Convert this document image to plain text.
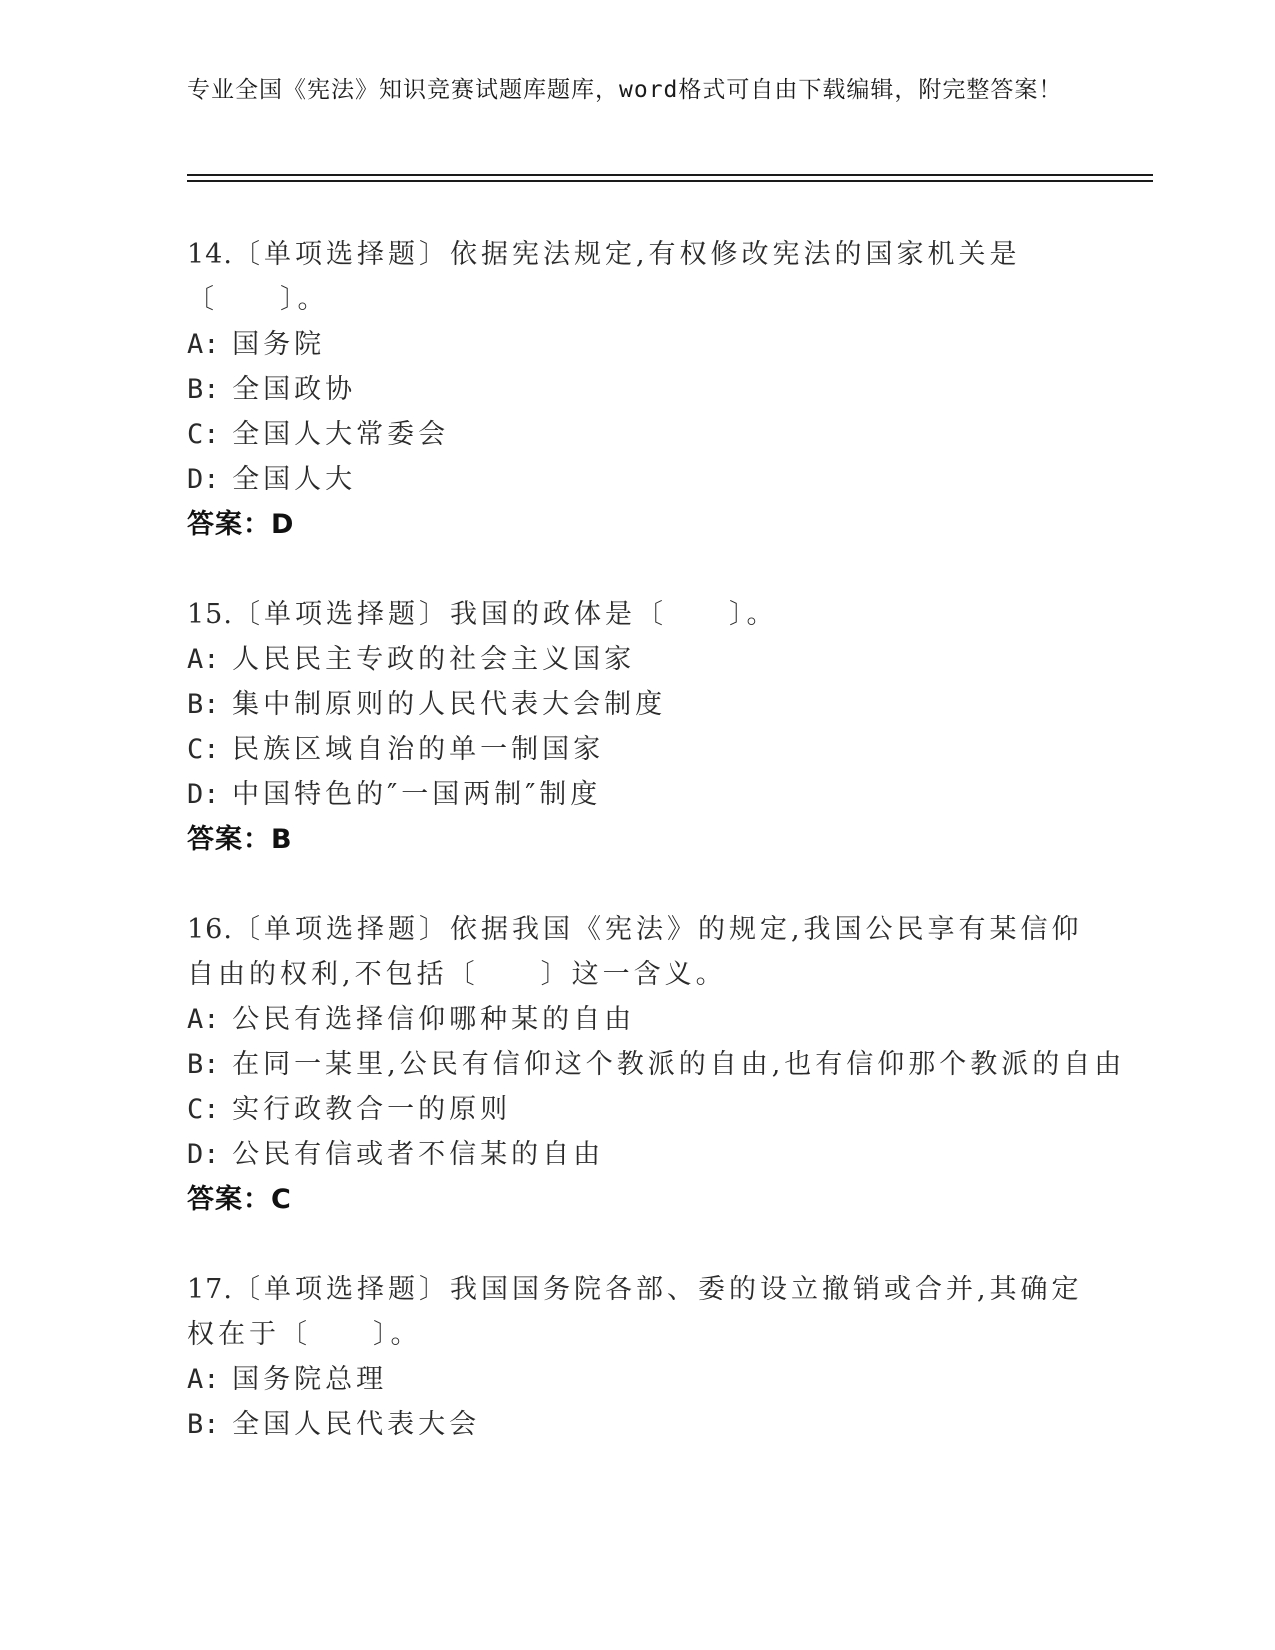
专业全国《宪法》知识竞赛试题库题库，word格式可自由下载编辑，附完整答案！
14.〔单项选择题〕依据宪法规定,有权修改宪法的国家机关是〔　　〕。
A: 国务院
B: 全国政协
C: 全国人大常委会
D: 全国人大
答案：D
15.〔单项选择题〕我国的政体是〔　　〕。
A: 人民民主专政的社会主义国家
B: 集中制原则的人民代表大会制度
C: 民族区域自治的单一制国家
D: 中国特色的″一国两制″制度
答案：B
16.〔单项选择题〕依据我国《宪法》的规定,我国公民享有某信仰自由的权利,不包括〔　　〕这一含义。
A: 公民有选择信仰哪种某的自由
B: 在同一某里,公民有信仰这个教派的自由,也有信仰那个教派的自由
C: 实行政教合一的原则
D: 公民有信或者不信某的自由
答案：C
17.〔单项选择题〕我国国务院各部、委的设立撤销或合并,其确定权在于〔　　〕。
A: 国务院总理
B: 全国人民代表大会
